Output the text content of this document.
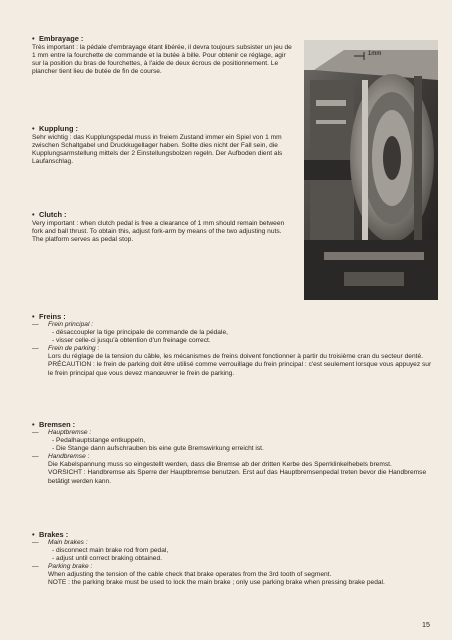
• Embrayage :

Très important : la pédale d'embrayage étant libérée, il devra toujours subsister un jeu de 1 mm entre la fourchette de commande et la butée à bille. Pour obtenir ce réglage, agir sur la position du bras de fourchettes, à l'aide de deux écrous de positionnement. Le plancher tient lieu de butée de fin de course.

• Kupplung :

Sehr wichtig : das Kupplungspedal muss in freiem Zustand immer ein Spiel von 1 mm zwischen Schaltgabel und Druckkugellager haben. Sollte dies nicht der Fall sein, die Kupplungsarmstellung mittels der 2 Einstellungsbolzen regeln. Der Aufboden dient als Laufanschlag.

• Clutch :

Very important : when clutch pedal is free a clearance of 1 mm should remain between fork and ball thrust. To obtain this, adjust fork-arm by means of the two adjusting nuts. The platform serves as pedal stop.

1mm
• Freins :
— Frein principal :
- désaccoupler la tige principale de commande de la pédale,
- visser celle-ci jusqu'à obtention d'un freinage correct.
— Frein de parking :
Lors du réglage de la tension du câble, les mécanismes de freins doivent fonctionner à partir du troisième cran du secteur denté.
PRÉCAUTION : le frein de parking doit être utilisé comme verrouillage du frein principal : c'est seulement lorsque vous appuyez sur le frein principal que vous devez manœuvrer le frein de parking.
• Bremsen :
— Hauptbremse :
- Pedalhauptstange entkuppeln,
- Die Stange dann aufschrauben bis eine gute Bremswirkung erreicht ist.
— Handbremse :
Die Kabelspannung muss so eingestellt werden, dass die Bremse ab der dritten Kerbe des Sperrklinkelhebels bremst.
VORSICHT : Handbremse als Sperre der Hauptbremse benutzen. Erst auf das Hauptbremsenpedal treten bevor die Handbremse betätigt werden kann.
• Brakes :
— Main brakes :
- disconnect main brake rod from pedal,
- adjust until correct braking obtained.
— Parking brake :
When adjusting the tension of the cable check that brake operates from the 3rd tooth of segment.
NOTE : the parking brake must be used to lock the main brake ; only use parking brake when pressing brake pedal.
15
